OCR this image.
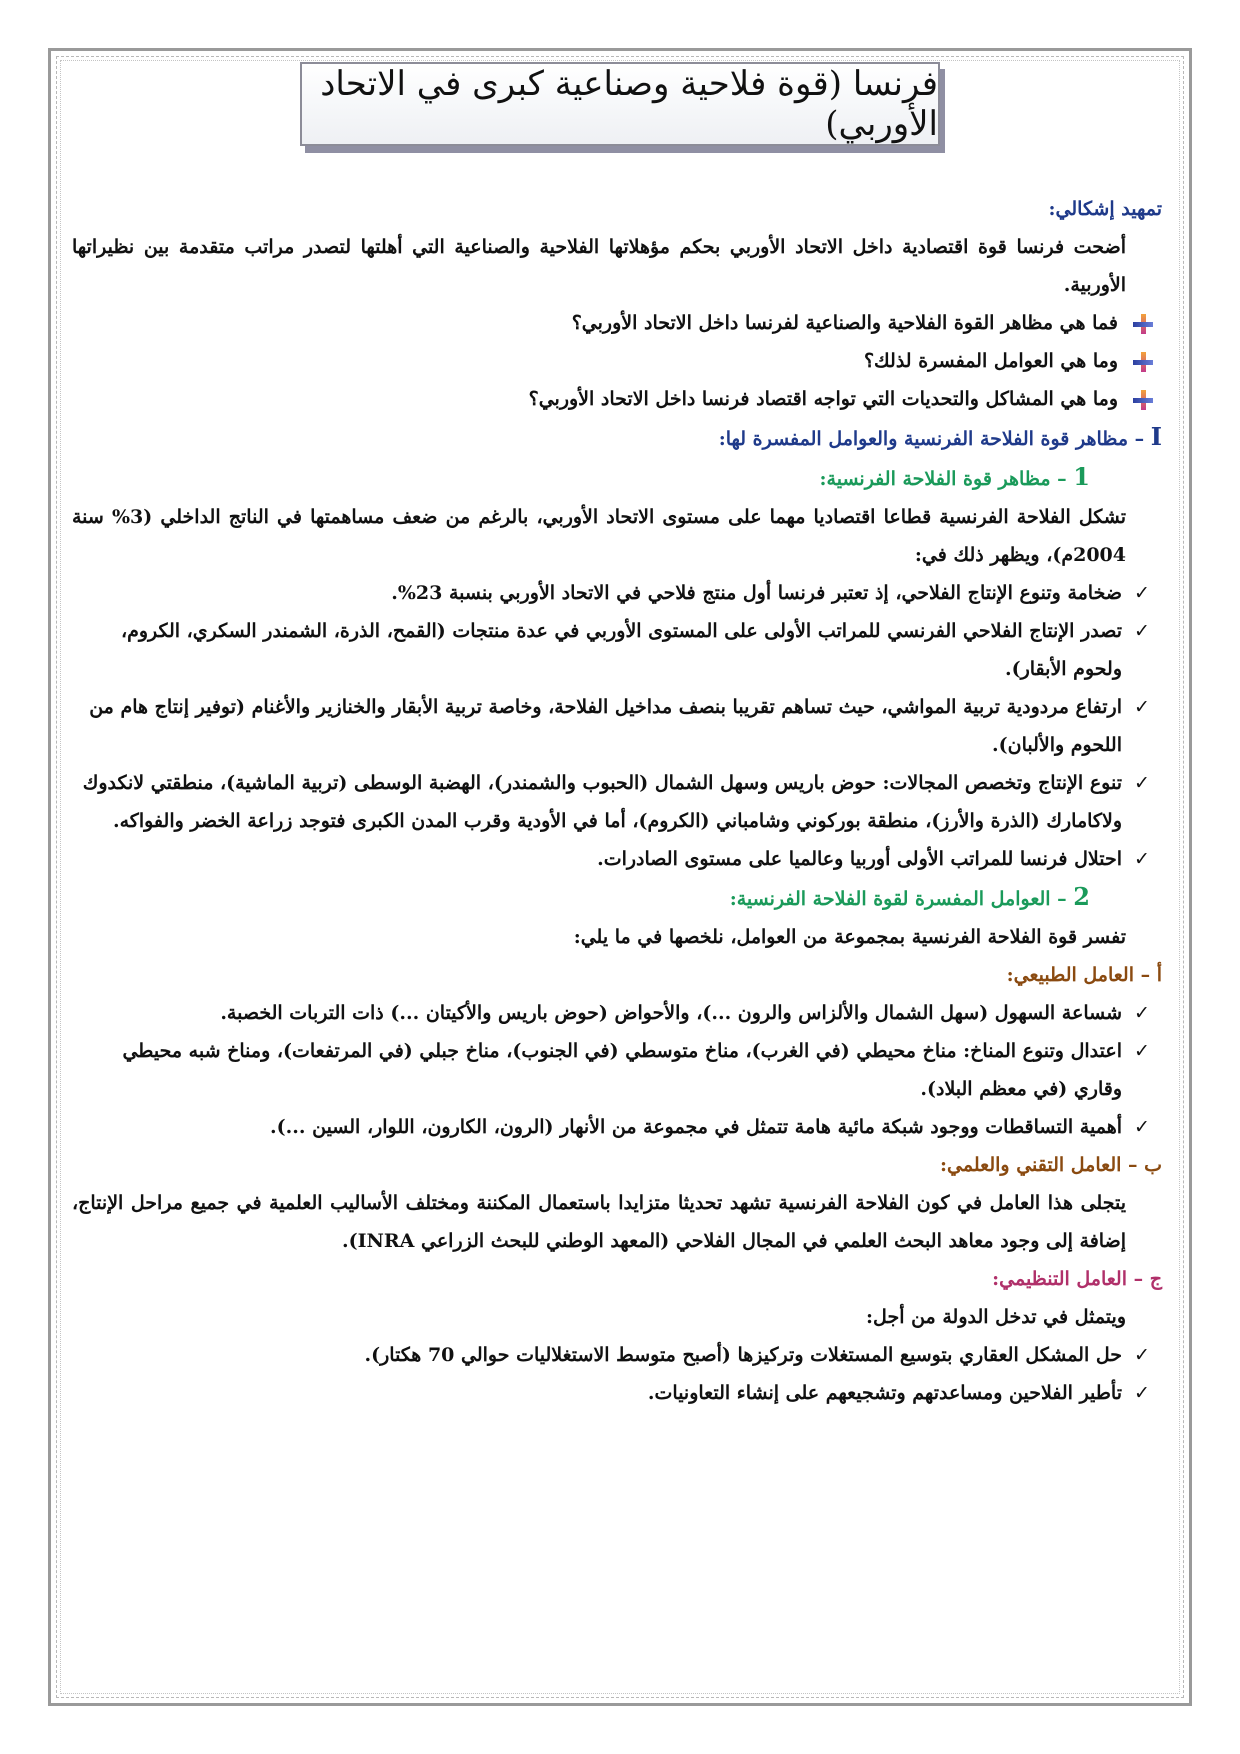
فرنسا (قوة فلاحية وصناعية كبرى في الاتحاد الأوربي)

تمهيد إشكالي:

أضحت فرنسا قوة اقتصادية داخل الاتحاد الأوربي بحكم مؤهلاتها الفلاحية والصناعية التي أهلتها لتصدر مراتب متقدمة بين نظيراتها الأوربية.

فما هي مظاهر القوة الفلاحية والصناعية لفرنسا داخل الاتحاد الأوربي؟
وما هي العوامل المفسرة لذلك؟
وما هي المشاكل والتحديات التي تواجه اقتصاد فرنسا داخل الاتحاد الأوربي؟

I – مظاهر قوة الفلاحة الفرنسية والعوامل المفسرة لها:

1 – مظاهر قوة الفلاحة الفرنسية:

تشكل الفلاحة الفرنسية قطاعا اقتصاديا مهما على مستوى الاتحاد الأوربي، بالرغم من ضعف مساهمتها في الناتج الداخلي (3% سنة 2004م)، ويظهر ذلك في:

✓
ضخامة وتنوع الإنتاج الفلاحي، إذ تعتبر فرنسا أول منتج فلاحي في الاتحاد الأوربي بنسبة 23%.
✓
تصدر الإنتاج الفلاحي الفرنسي للمراتب الأولى على المستوى الأوربي في عدة منتجات (القمح، الذرة، الشمندر السكري، الكروم، ولحوم الأبقار).
✓
ارتفاع مردودية تربية المواشي، حيث تساهم تقريبا بنصف مداخيل الفلاحة، وخاصة تربية الأبقار والخنازير والأغنام (توفير إنتاج هام من اللحوم والألبان).
✓
تنوع الإنتاج وتخصص المجالات: حوض باريس وسهل الشمال (الحبوب والشمندر)، الهضبة الوسطى (تربية الماشية)، منطقتي لانكدوك ولاكامارك (الذرة والأرز)، منطقة بوركوني وشامباني (الكروم)، أما في الأودية وقرب المدن الكبرى فتوجد زراعة الخضر والفواكه.
✓
احتلال فرنسا للمراتب الأولى أوربيا وعالميا على مستوى الصادرات.

2 – العوامل المفسرة لقوة الفلاحة الفرنسية:

تفسر قوة الفلاحة الفرنسية بمجموعة من العوامل، نلخصها في ما يلي:

أ – العامل الطبيعي:

✓
شساعة السهول (سهل الشمال والألزاس والرون ...)، والأحواض (حوض باريس والأكيتان ...) ذات التربات الخصبة.
✓
اعتدال وتنوع المناخ: مناخ محيطي (في الغرب)، مناخ متوسطي (في الجنوب)، مناخ جبلي (في المرتفعات)، ومناخ شبه محيطي وقاري (في معظم البلاد).
✓
أهمية التساقطات ووجود شبكة مائية هامة تتمثل في مجموعة من الأنهار (الرون، الكارون، اللوار، السين ...).

ب – العامل التقني والعلمي:

يتجلى هذا العامل في كون الفلاحة الفرنسية تشهد تحديثا متزايدا باستعمال المكننة ومختلف الأساليب العلمية في جميع مراحل الإنتاج، إضافة إلى وجود معاهد البحث العلمي في المجال الفلاحي (المعهد الوطني للبحث الزراعي INRA).

ج – العامل التنظيمي:

ويتمثل في تدخل الدولة من أجل:

✓
حل المشكل العقاري بتوسيع المستغلات وتركيزها (أصبح متوسط الاستغلاليات حوالي 70 هكتار).
✓
تأطير الفلاحين ومساعدتهم وتشجيعهم على إنشاء التعاونيات.
